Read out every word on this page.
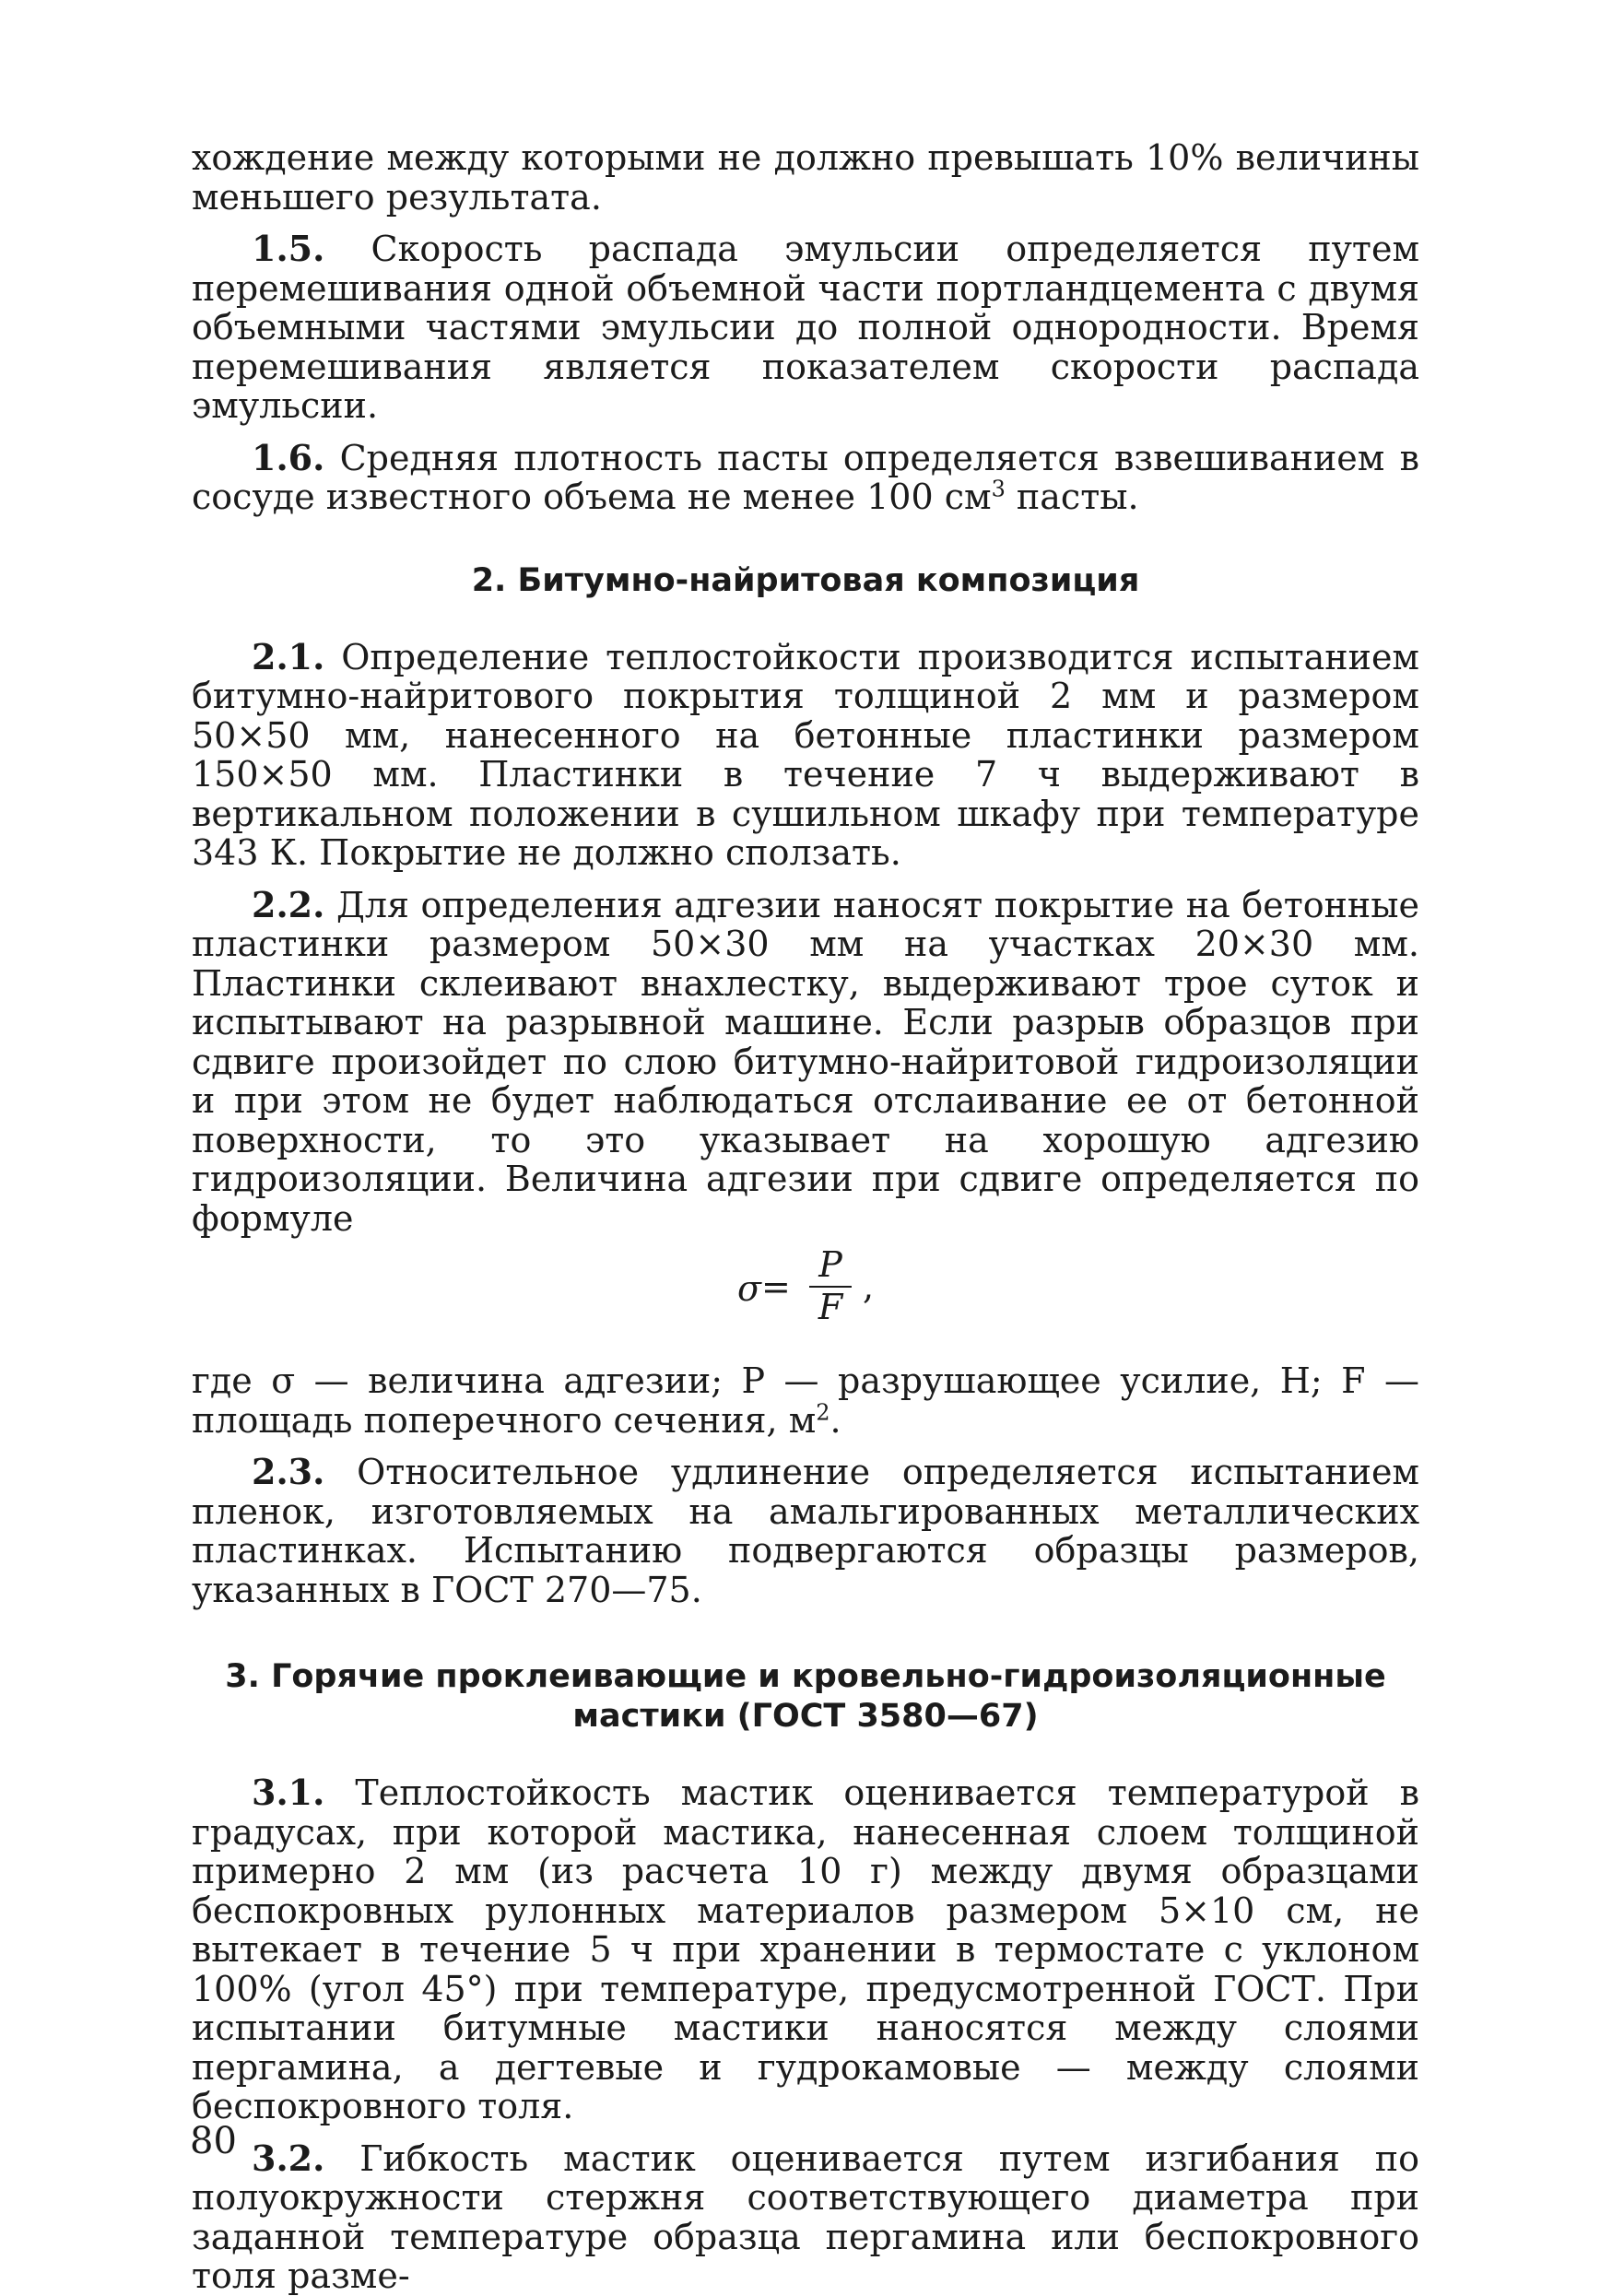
хождение между которыми не должно превышать 10% величины меньшего результата.

1.5. Скорость распада эмульсии определяется путем перемешивания одной объемной части портландцемента с двумя объемными частями эмульсии до полной однородности. Время перемешивания является показателем скорости распада эмульсии.

1.6. Средняя плотность пасты определяется взвешиванием в сосуде известного объема не менее 100 $см^3$ пасты.

2. Битумно-найритовая композиция

2.1. Определение теплостойкости производится испытанием битумно-найритового покрытия толщиной 2 мм и размером 50×50 мм, нанесенного на бетонные пластинки размером 150×50 мм. Пластинки в течение 7 ч выдерживают в вертикальном положении в сушильном шкафу при температуре 343 К. Покрытие не должно сползать.

2.2. Для определения адгезии наносят покрытие на бетонные пластинки размером 50×30 мм на участках 20×30 мм. Пластинки склеивают внахлестку, выдерживают трое суток и испытывают на разрывной машине. Если разрыв образцов при сдвиге произойдет по слою битумно-найритовой гидроизоляции и при этом не будет наблюдаться отслаивание ее от бетонной поверхности, то это указывает на хорошую адгезию гидроизоляции. Величина адгезии при сдвиге определяется по формуле

σ =
P
F ,

где σ — величина адгезии; P — разрушающее усилие, Н; F — площадь поперечного сечения, $м^2$.

2.3. Относительное удлинение определяется испытанием пленок, изготовляемых на амальгированных металлических пластинках. Испытанию подвергаются образцы размеров, указанных в ГОСТ 270—75.

3. Горячие проклеивающие и кровельно-гидроизоляционные

мастики (ГОСТ 3580—67)

3.1. Теплостойкость мастик оценивается температурой в градусах, при которой мастика, нанесенная слоем толщиной примерно 2 мм (из расчета 10 г) между двумя образцами беспокровных рулонных материалов размером 5×10 см, не вытекает в течение 5 ч при хранении в термостате с уклоном 100% (угол 45°) при температуре, предусмотренной ГОСТ. При испытании битумные мастики наносятся между слоями пергамина, а дегтевые и гудрокамовые — между слоями беспокровного толя.

3.2. Гибкость мастик оценивается путем изгибания по полуокружности стержня соответствующего диаметра при заданной температуре образца пергамина или беспокровного толя разме-

80
